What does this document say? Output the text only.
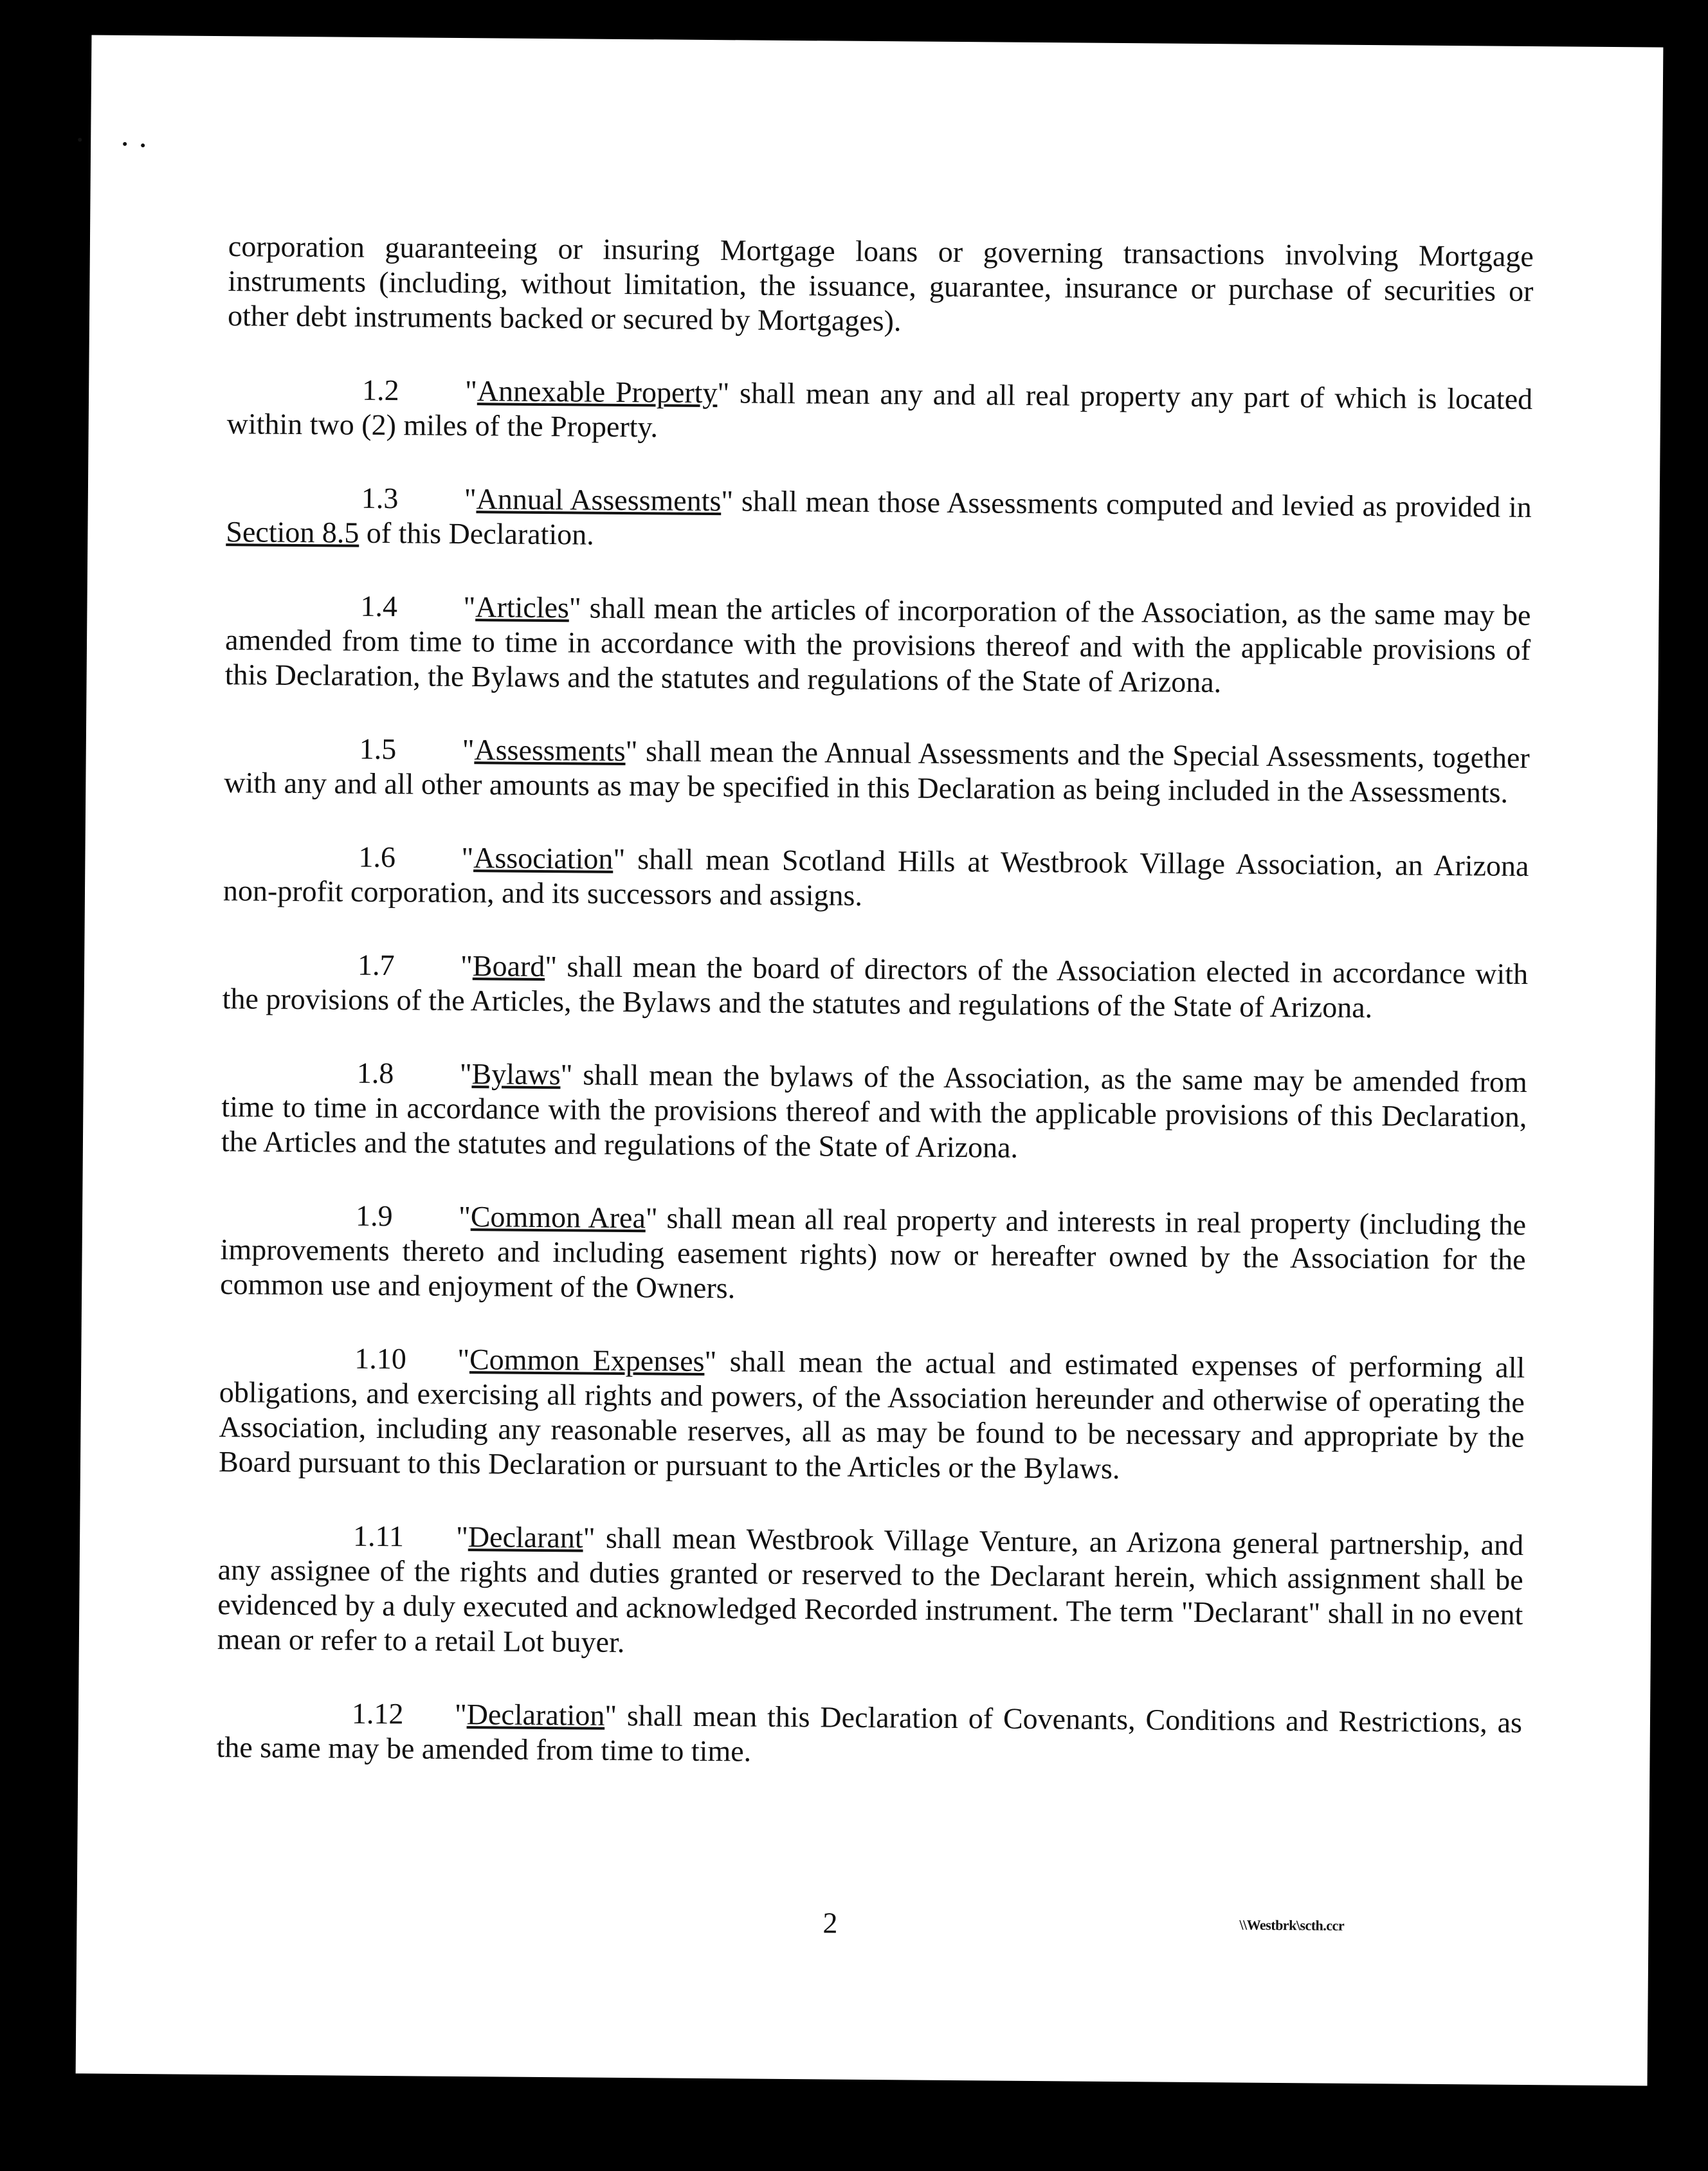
corporation guaranteeing or insuring Mortgage loans or governing transactions involving Mortgage instruments (including, without limitation, the issuance, guarantee, insurance or purchase of securities or other debt instruments backed or secured by Mortgages).

1.2 "Annexable Property" shall mean any and all real property any part of which is located within two (2) miles of the Property.

1.3 "Annual Assessments" shall mean those Assessments computed and levied as provided in Section 8.5 of this Declaration.

1.4 "Articles" shall mean the articles of incorporation of the Association, as the same may be amended from time to time in accordance with the provisions thereof and with the applicable provisions of this Declaration, the Bylaws and the statutes and regulations of the State of Arizona.

1.5 "Assessments" shall mean the Annual Assessments and the Special Assessments, together with any and all other amounts as may be specified in this Declaration as being included in the Assessments.

1.6 "Association" shall mean Scotland Hills at Westbrook Village Association, an Arizona non-profit corporation, and its successors and assigns.

1.7 "Board" shall mean the board of directors of the Association elected in accordance with the provisions of the Articles, the Bylaws and the statutes and regulations of the State of Arizona.

1.8 "Bylaws" shall mean the bylaws of the Association, as the same may be amended from time to time in accordance with the provisions thereof and with the applicable provisions of this Declaration, the Articles and the statutes and regulations of the State of Arizona.

1.9 "Common Area" shall mean all real property and interests in real property (including the improvements thereto and including easement rights) now or hereafter owned by the Association for the common use and enjoyment of the Owners.

1.10 "Common Expenses" shall mean the actual and estimated expenses of performing all obligations, and exercising all rights and powers, of the Association hereunder and otherwise of operating the Association, including any reasonable reserves, all as may be found to be necessary and appropriate by the Board pursuant to this Declaration or pursuant to the Articles or the Bylaws.

1.11 "Declarant" shall mean Westbrook Village Venture, an Arizona general partnership, and any assignee of the rights and duties granted or reserved to the Declarant herein, which assignment shall be evidenced by a duly executed and acknowledged Recorded instrument. The term "Declarant" shall in no event mean or refer to a retail Lot buyer.

1.12 "Declaration" shall mean this Declaration of Covenants, Conditions and Restrictions, as the same may be amended from time to time.

2	\\Westbrk\scth.ccr
